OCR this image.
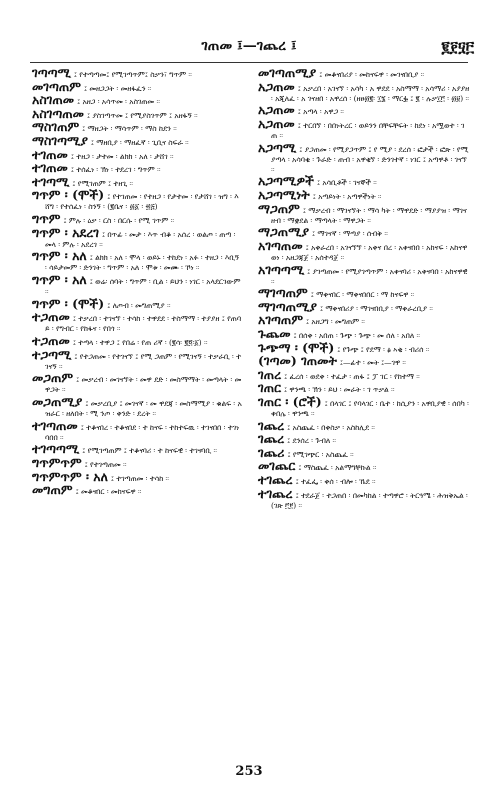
ገጠመ ፤—ገጨረ ፤	፪፻፶፫
ገጣጣሚ ፤ የተጣጣመ፤ የሚገጣጥም፤ ስቃን፣ ግጥም ።
መገጣጠም ፤ መዘጋጋት ፡ መዘፋፈን ።
አስገጠመ ፤ አዘጋ ፡ አሳጥመ ፡ አስገጠመ ።
አስገጣጠመ ፤ ያስገጣጥመ ፤ የሚያስገጥም ፤ አዘፋኝ ።
ማስገጠም ፤ ማዘጋት ፡ ማሳጥም ፡ ማስ ከደን ።
ማስገጣሚያ ፤ ማዘቢያ ፡ ማዘፈኛ ፡ ጊቢና ስፍራ ።
ተገጠመ ፤ ተዘጋ ፡ ታተመ ፡ ልክክ ፡ አለ ፡ ታሸገ ።
ተገጠመ ፤ ተሰፈነ ፡ ኽነ ፡ ተደረገ ፡ ግጥም ።
ተገጣሚ ፤ የሚገጠም ፤ ተዘጊ ።
ግጥም ፡ (ሞች) ፤ የተገጠመ ፡ የተዘጋ ፡ የታተመ ፡ የታሸገ ፡ ዝግ ፡ እሸግ ፡ የተሰፈነ ፡ ስንኝ ፡ (፪ቤና ፡ ፴፩ ፡ ፳፭)
ግጥም ፤ ምሉ ፡ ዕቃ ፡ ርስ ፡ በርሱ ፡ የሚ ገጥም ።
ግጥም ፡ አደረገ ፤ በጥፊ ፡ መታ ፡ እጥ ብቆ ፡ አሰረ ፡ ወልጦ ፡ ጠጣ ፡ መላ ፡ ምሉ ፡ አደረገ ።
ግጥም ፡ አለ ፤ ልክክ ፡ አለ ፡ ሞላ ፡ ወይኑ ፡ ተከደነ ፡ አፉ ፡ ተዘጋ ፡ እቢኝ ፡ ሳይታመም ፡ ድንገት ፡ ግጥም ፡ አለ ፡ ሞቱ ፡ መሙ ፡ ኾነ ።
ግጥም ፡ አለ ፤ ወሬ፡ ሰባት ፡ ግጥም ፡ ቢል ፡ ይህን ፡ ነገር ፡ አላደርገውም ።
ግጥም ፡ (ሞች) ፤ ለጦብ ፡ መግጠሚያ ።
ተጋጠመ ፤ ተቃረበ ፡ ተገናኘ ፡ ተሳከ ፡ ተዋደደ ፡ ተስማማ ፡ ተያያዘ ፤ የጠባይ ፡ የግብር ፡ የከፋና ፡ የበጎ ።
ተጋጠመ ፤ ተጣላ ፡ ተዋጋ ፤ የበሬ ፡ የጠ ሪኛ ፡ (፪ሳ፡ ፪፬፡፩) ።
ተጋጣሚ ፤ የተጋጠመ ፡ የተገናኘ ፤ የሚ ጋጠም ፡ የሚገናኝ ፡ ተቃራቢ ፡ ተገናኝ ።
መጋጠም ፤ መቃረብ ፡ መገናኘት ፡ መዋ ደድ ፡ መስማማት ፡ መጣላት ፡ መዋጋት ።
መጋጠሚያ ፤ መቃረቢያ ፤ መገናኛ ፡ መ ዋደጃ ፡ መስማሚያ ፡ ቁልፍ ፡ አዝራር ፡ ዘለበት ፡ ሚ ንጦ ፡ ቀንድ ፡ ደረት ።
ተገጣጠመ ፤ ተቆናበረ ፡ ተቆናበደ ፡ ተ ከናፍ ፡ ተከተፍዉ ፡ ተገናበበ ፡ ተገነባበበ ።
ተገጣጣሚ ፤ የሚገጣጠም ፤ ተቆናባሪ ፡ ተ ከናፍዊ ፡ ተገናባቢ ።
ግጥምጥም ፤ የተገጣጠመ ።
ግጥምጥም ፡ አለ ፤ ተገጣጠመ ፡ ተሳከ ።
መግጠም ፤ መቆናበር ፡ መከናፍዋ ።
መገጣጠሚያ ፤ መቆናበሪያ ፡ መከናፍዋ ፡ መገናበቢያ ።
አጋጠመ ፤ አቃረበ ፡ አገናኘ ፡ አሳካ ፡ አ ዋደደ ፡ አስማማ ፡ አሳማሪ ፡ አያያዘ ፡ አጂለፈ ፡ አ ገናዘበ ፡ አዋረሰ ፡ (ዘፀ፴፪፡ ፲፮ ፡ ማርፏ ፤ ፪ ፡ ሉቃ፲፫ ፡ ፴፱) ።
አጋጠመ ፤ አጣላ ፡ አዋጋ ።
አጋጠመ ፤ ተርበኘ ፡ በበነትረር ፡ ወይንን በቸፍቸፍት ፡ ከደነ ፡ አሟወተ ፡ ገጠ ።
አጋጣሚ ፤ ያጋጠመ ፡ የሚያጋጥም ፤ የ ሚያ ፡ ደረሰ ፡ ፎታች ፡ ፎጽ ፡ የሚያጣላ ፡ አሳባቂ ፡ ጉራድ ፡ ጠብ ፡ አዋቂኘ ፡ ድንገተኛ ፡ ነገር ፤ አጣዋቶ ፡ ገናኘ ።
አጋጣሚዎች ፤ አሳቢቶች ፡ ገናኞች ።
አጋጣሚነት ፤ አጣይነት ፡ አጣዋችነት ።
ማጋጠም ፤ ማቃረብ ፡ ማገናኘት ፡ ማሳ ካት ፡ ማዋደድ ፡ ማያያዝ ፡ ማገናዘብ ፡ ማቋደል ፡ ማጣላት ፡ ማዋጋት ።
ማጋጠሚያ ፤ ማገናኛ ፡ ማጣያ ፡ ሰብቅ ።
አገጣጠመ ፤ አቀራረበ ፡ አገናኘኘ ፡ አቀና በረ ፡ አቀናበበ ፡ አከናፍ ፡ አከናዋወነ ፡ አዘጋጃጀ ፡ አሰተዳጀ ።
አገጣጣሚ ፤ ያገጣጠመ ፡ የሚያገጣጥም ፡ አቀናባሪ ፡ አቀናባበ ፡ አከናዋዊ ።
ማገጣጠም ፤ ማቀናበር ፡ ማቀናበበር ፡ ማ ከናፍዋ ።
ማገጣጠሚያ ፤ ማቀናበሪያ ፡ ማገናበቢያ ፡ ማቀራረቢያ ።
አገጣጠም ፤ አዘጋግ ፡ መግጠም ።
ጉጨመ ፤ በሰቀ ፡ አበጠ ፡ ጉጭ ፡ ጉጭ ፡ መ ሰለ ፡ አበለ ።
ጉጭማ ፡ (ሞች) ፤ የጉጭ ፤ የደማ ፡ ፅ ኣቂ ፡ ብሪሰ ።
(ገጣመ) ገጠመት ፤—ፊተ ፡ መት ፤—ገዋ ።
ገጠረ ፤ ፈረሰ ፡ ወደቀ ፡ ተፈታ ፡ ጠፋ ፤ ፓ ገር ፡ የከተማ ።
ገጠር ፤ ዋንጫ ፡ ኽን ፡ ይህ ፡ መራት ፡ ገ ጥቃል ።
ገጠር ፡ (ሮች) ፤ በላገር ፤ የባላገር ፡ ቤተ ፡ ከሲያን ፡ አዋቢያዊ ፡ ሰበካ ፡ ቀበሌ ፡ ዋንጫ ።
ገጨረ ፤ አስጨፈ ፡ በቀስቃ ፡ አስከሊደ ።
ገጨረ ፤ ደንሰረ ፡ ጉብለ ።
ገጨሪ ፤ የሚገጭር ፡ አስጨፈ ።
መገጨር ፤ ማስጨፈ ፡ አልማግቸኩል ።
ተገጨረ ፤ ተፈፌ ፡ ቀሰ ፡ ብሎ ፡ ኼደ ።
ተገጨረ ፤ ተደራጀ ፡ ተጋጠበ ፡ በመካከል ፡ ተጣዋሮ ፡ ትርጓሜ ፡ ሕዝቅኤል ፡ (ገጽ ፫፻) ።
253
